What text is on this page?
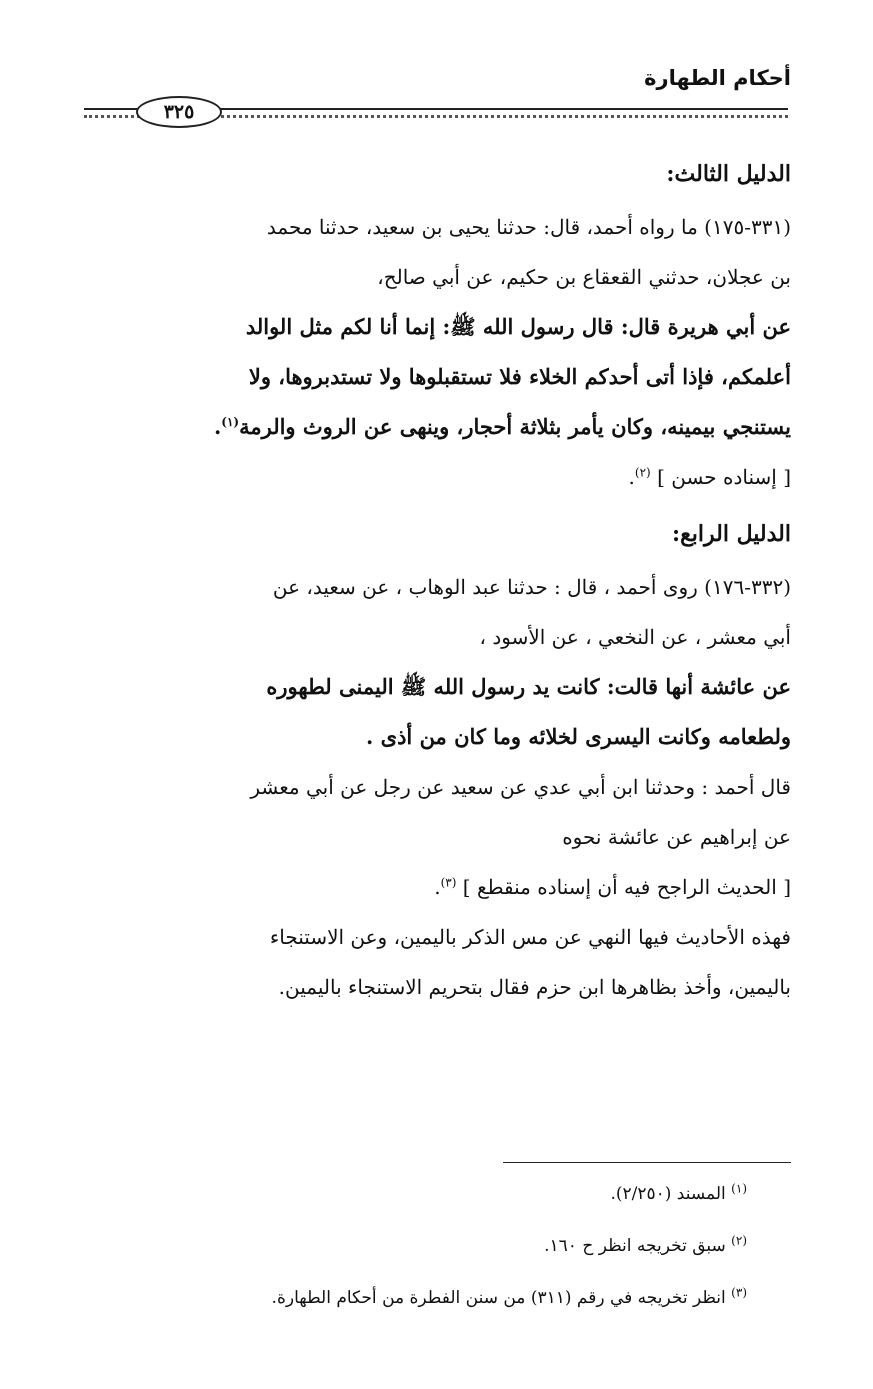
أحكام الطهارة
٣٢٥

الدليل الثالث:

(٣٣١-١٧٥) ما رواه أحمد، قال: حدثنا يحيى بن سعيد، حدثنا محمد

بن عجلان، حدثني القعقاع بن حكيم، عن أبي صالح،

عن أبي هريرة قال: قال رسول الله ﷺ: إنما أنا لكم مثل الوالد

أعلمكم، فإذا أتى أحدكم الخلاء فلا تستقبلوها ولا تستدبروها، ولا

يستنجي بيمينه، وكان يأمر بثلاثة أحجار، وينهى عن الروث والرمة$^{(١)}$.

[ إسناده حسن ] $^{(٢)}$.

الدليل الرابع:

(٣٣٢-١٧٦) روى أحمد ، قال : حدثنا عبد الوهاب ، عن سعيد، عن

أبي معشر ، عن النخعي ، عن الأسود ،

عن عائشة أنها قالت: كانت يد رسول الله ﷺ اليمنى لطهوره

ولطعامه وكانت اليسرى لخلائه وما كان من أذى .

قال أحمد : وحدثنا ابن أبي عدي عن سعيد عن رجل عن أبي معشر

عن إبراهيم عن عائشة نحوه

[ الحديث الراجح فيه أن إسناده منقطع ] $^{(٣)}$.

فهذه الأحاديث فيها النهي عن مس الذكر باليمين، وعن الاستنجاء

باليمين، وأخذ بظاهرها ابن حزم فقال بتحريم الاستنجاء باليمين.

$^{(١)}$ المسند (٢/٢٥٠).

$^{(٢)}$ سبق تخريجه انظر ح ١٦٠.

$^{(٣)}$ انظر تخريجه في رقم (٣١١) من سنن الفطرة من أحكام الطهارة.
